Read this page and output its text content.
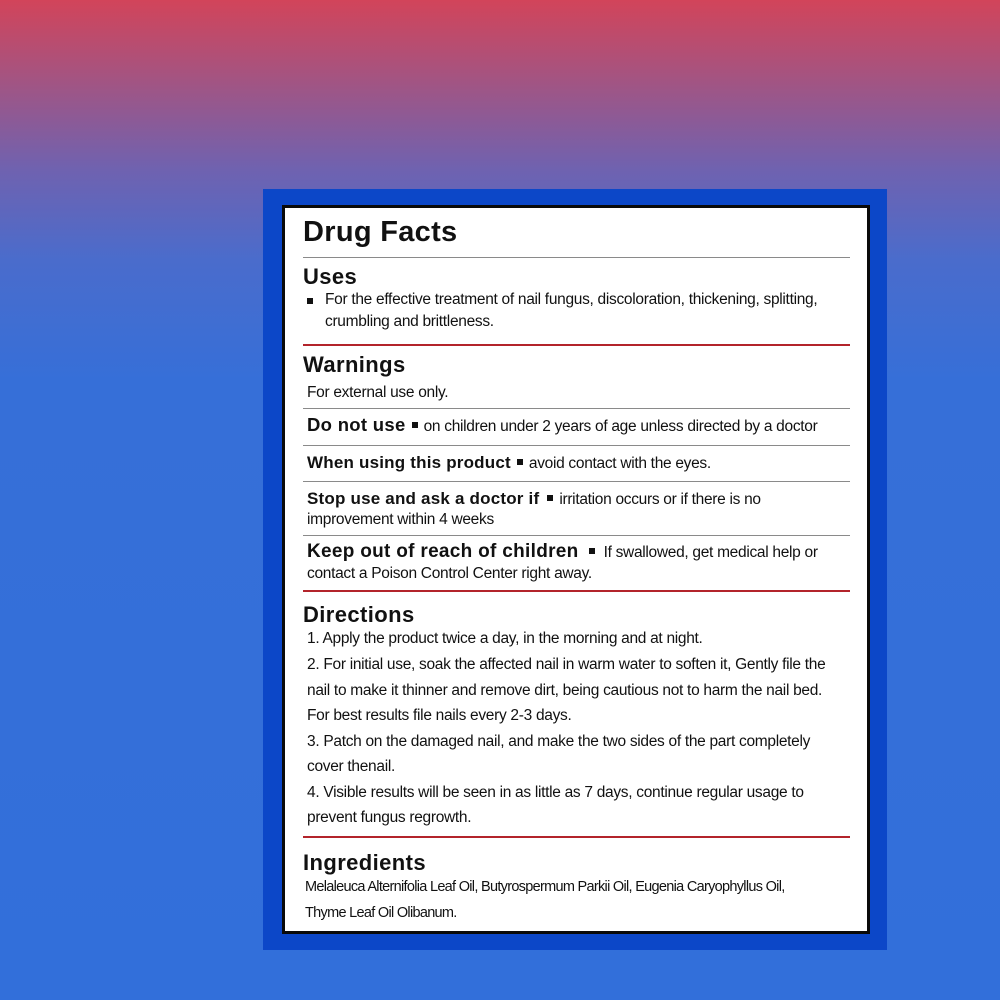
Drug Facts
Uses
For the effective treatment of nail fungus, discoloration, thickening, splitting,
crumbling and brittleness.
Warnings
For external use only.
Do not use on children under 2 years of age unless directed by a doctor
When using this product avoid contact with the eyes.
Stop use and ask a doctor if irritation occurs or if there is no
improvement within 4 weeks
Keep out of reach of children If swallowed, get medical help or
contact a Poison Control Center right away.
Directions
1. Apply the product twice a day, in the morning and at night.
2. For initial use, soak the affected nail in warm water to soften it, Gently file the
nail to make it thinner and remove dirt, being cautious not to harm the nail bed.
For best results file nails every 2-3 days.
3. Patch on the damaged nail, and make the two sides of the part completely
cover thenail.
4. Visible results will be seen in as little as 7 days, continue regular usage to
prevent fungus regrowth.
Ingredients
Melaleuca Alternifolia Leaf Oil, Butyrospermum Parkii Oil, Eugenia Caryophyllus Oil,
Thyme Leaf Oil Olibanum.
